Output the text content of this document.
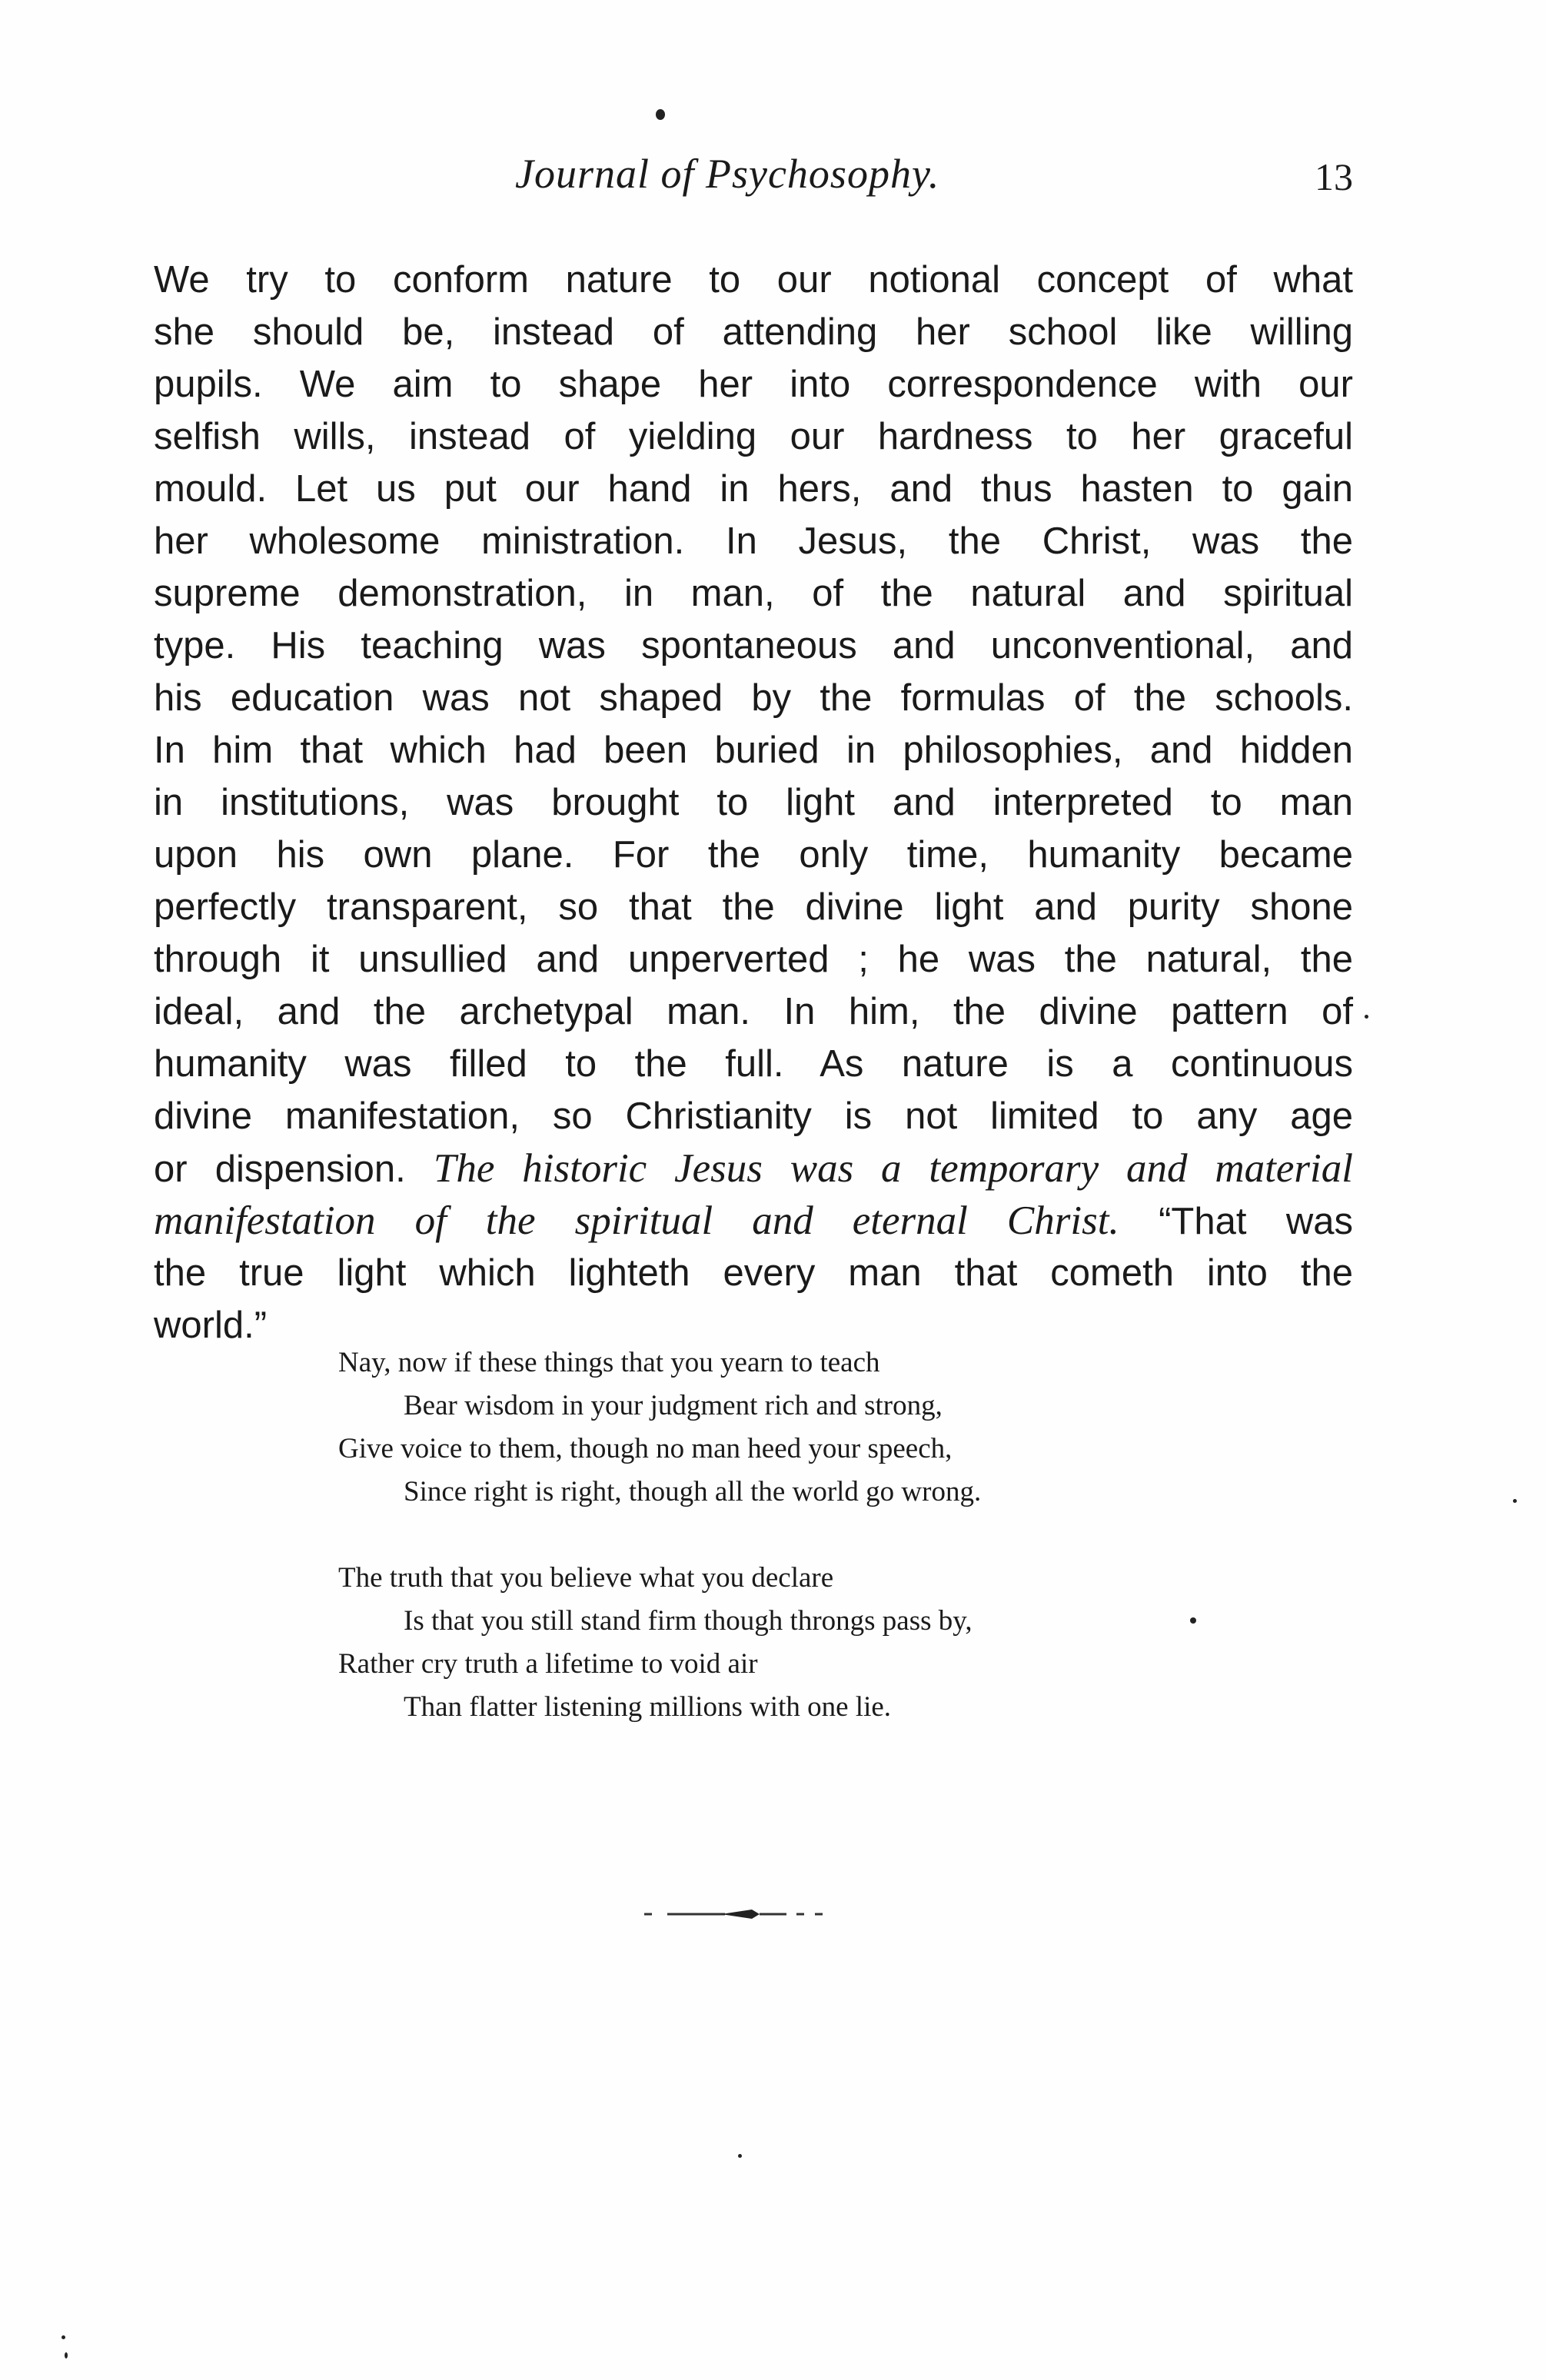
Journal of Psychosophy.	13
We try to conform nature to our notional concept of what
she should be, instead of attending her school like willing
pupils. We aim to shape her into correspondence with our
selfish wills, instead of yielding our hardness to her graceful
mould. Let us put our hand in hers, and thus hasten to gain
her wholesome ministration. In Jesus, the Christ, was the
supreme demonstration, in man, of the natural and spiritual
type. His teaching was spontaneous and unconventional, and
his education was not shaped by the formulas of the schools.
In him that which had been buried in philosophies, and hidden
in institutions, was brought to light and interpreted to man
upon his own plane. For the only time, humanity became
perfectly transparent, so that the divine light and purity shone
through it unsullied and unperverted ; he was the natural, the
ideal, and the archetypal man. In him, the divine pattern of
humanity was filled to the full. As nature is a continuous
divine manifestation, so Christianity is not limited to any age
or dispension. The historic Jesus was a temporary and material
manifestation of the spiritual and eternal Christ. “That was
the true light which lighteth every man that cometh into the
world.”
Nay, now if these things that you yearn to teach
Bear wisdom in your judgment rich and strong,
Give voice to them, though no man heed your speech,
Since right is right, though all the world go wrong.
The truth that you believe what you declare
Is that you still stand firm though throngs pass by,
Rather cry truth a lifetime to void air
Than flatter listening millions with one lie.
